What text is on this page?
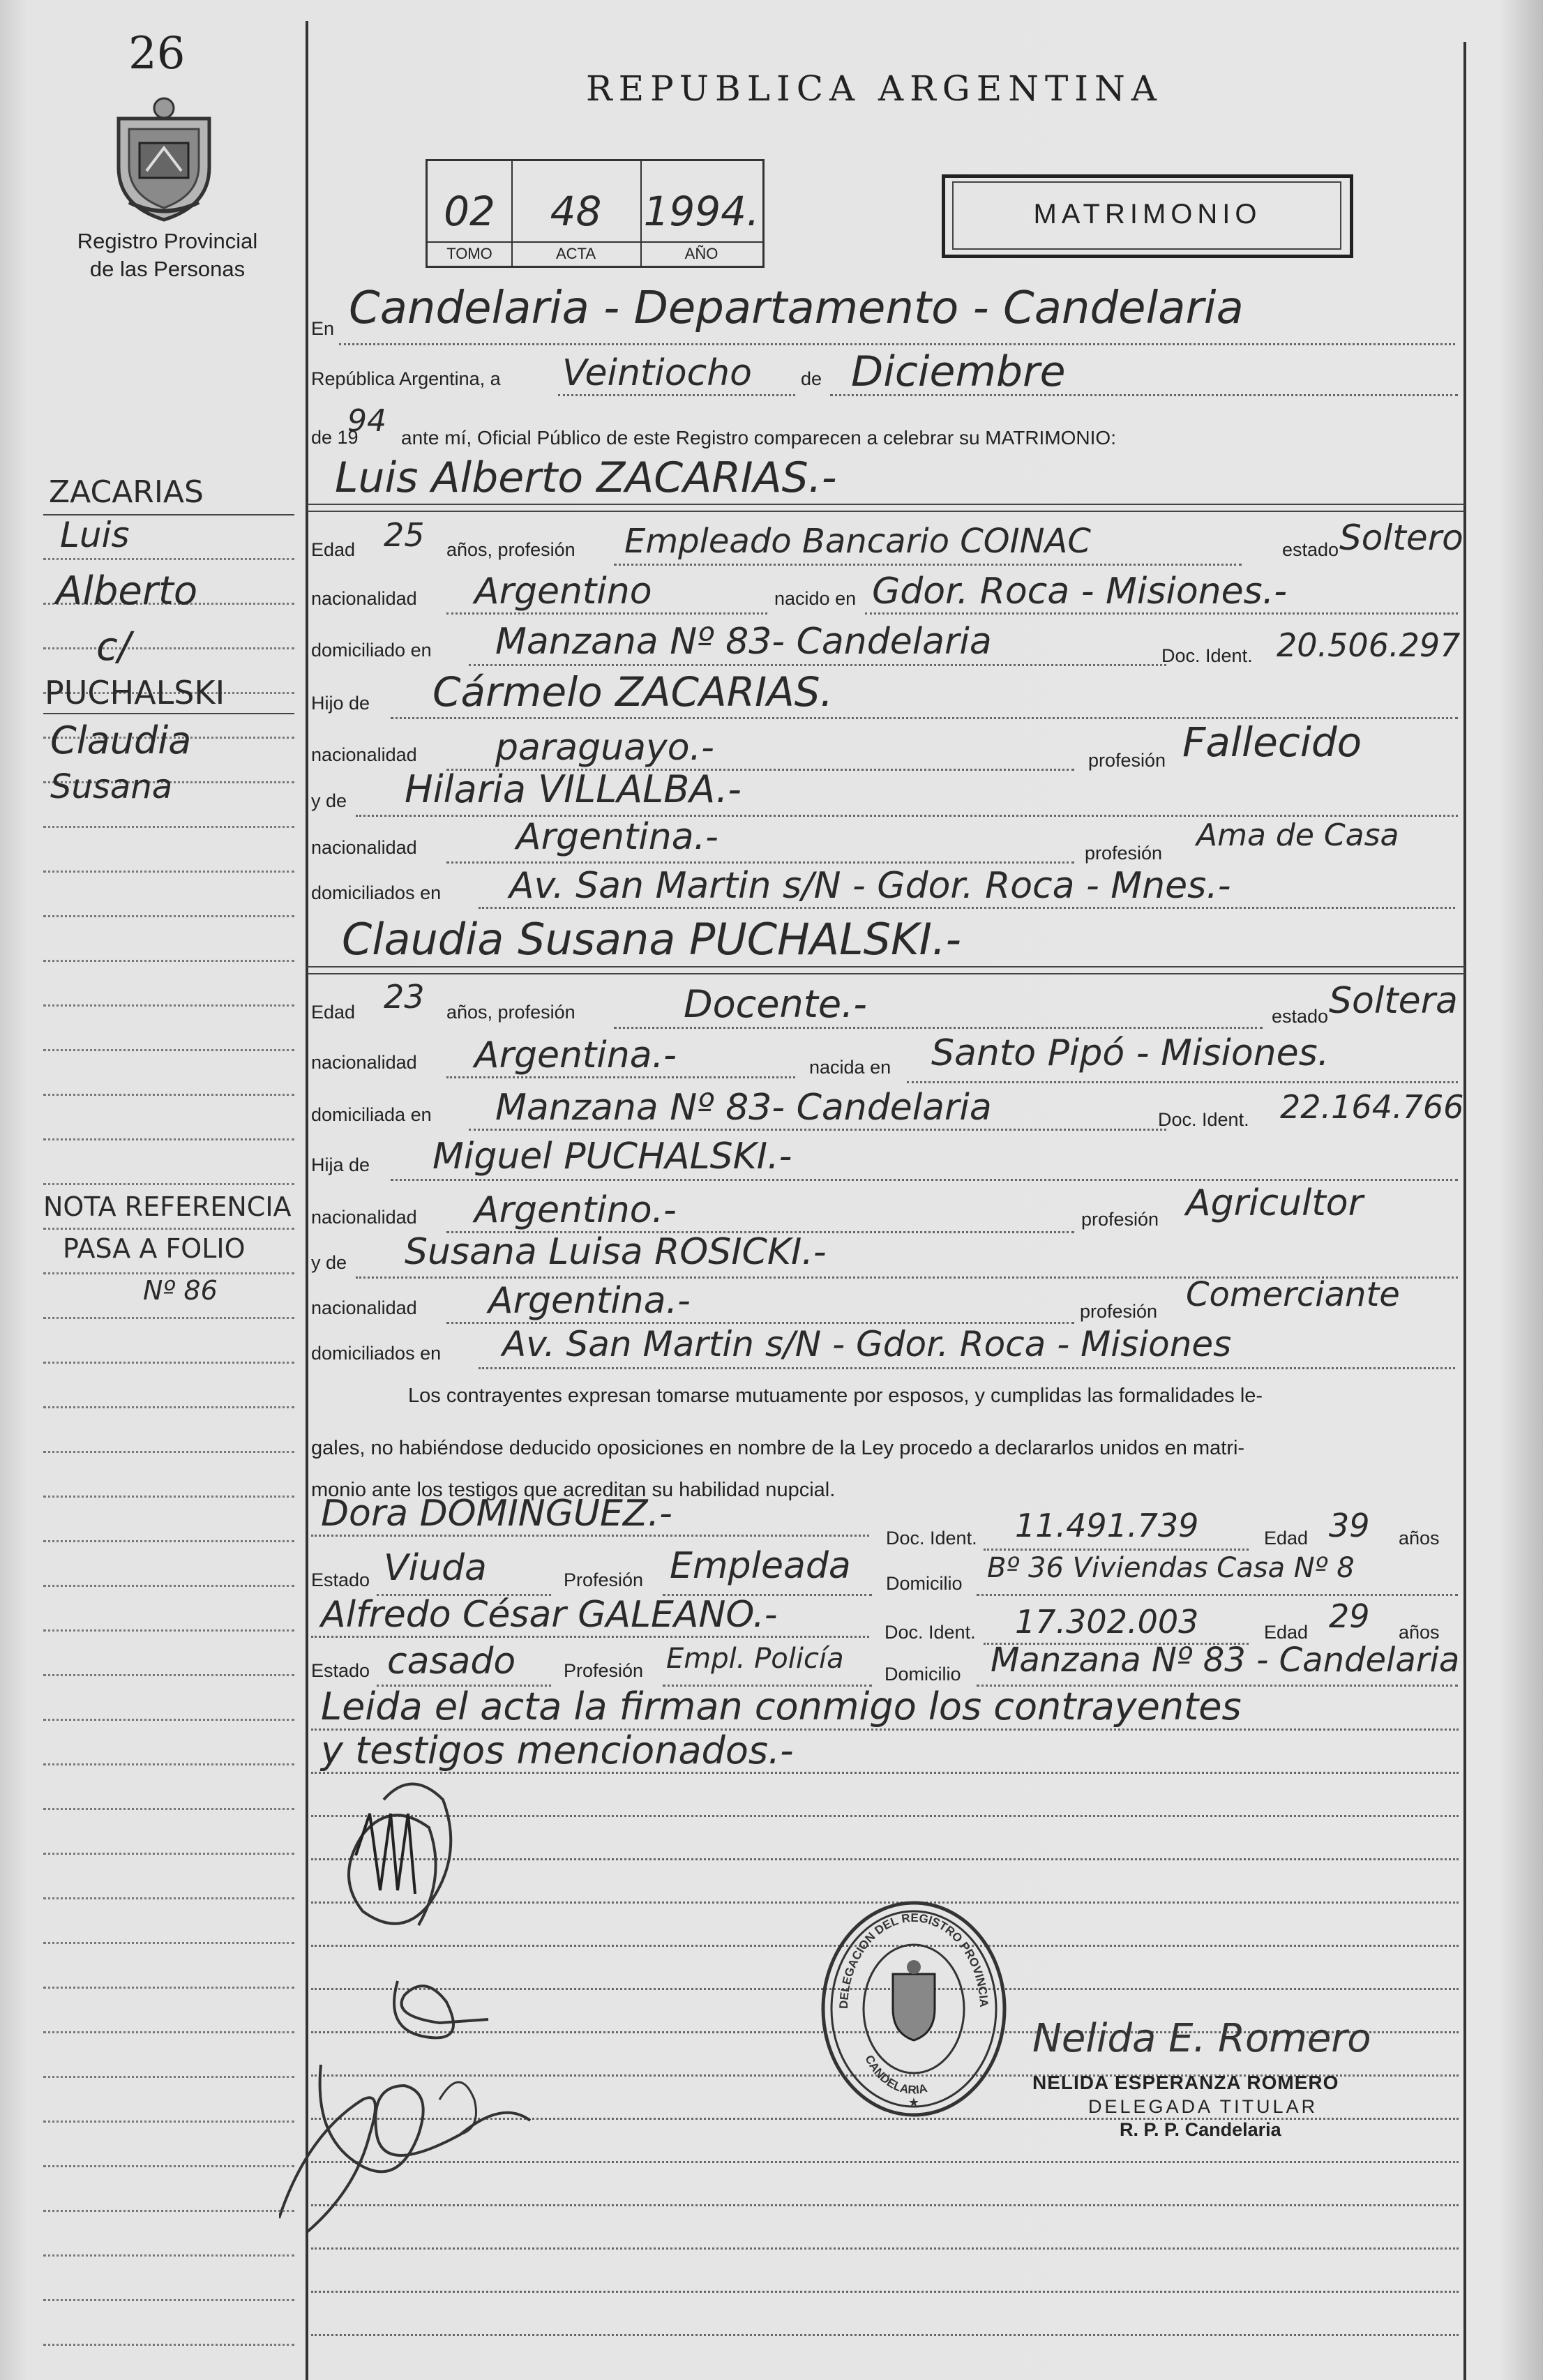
26
Registro Provincial
de las Personas
REPUBLICA ARGENTINA
02	48	1994.
TOMO	ACTA	AÑO
MATRIMONIO
En Candelaria - Departamento - Candelaria
República Argentina, a Veintiocho	de Diciembre
de 19
94 ante mí, Oficial Público de este Registro comparecen a celebrar su MATRIMONIO:
Luis Alberto ZACARIAS.-
Edad 25 años, profesión Empleado Bancario COINAC	estado Soltero
nacionalidad Argentino	nacido en Gdor. Roca - Misiones.-
domiciliado en Manzana Nº 83- Candelaria	Doc. Ident. 20.506.297
Hijo de Cármelo ZACARIAS.
nacionalidad paraguayo.-	profesión Fallecido
y de Hilaria VILLALBA.-
nacionalidad	Argentina.-	profesión Ama de Casa
domiciliados en Av. San Martin s/N - Gdor. Roca - Mnes.-
Claudia Susana PUCHALSKI.-
Edad 23 años, profesión	Docente.-	estado Soltera
nacionalidad Argentina.-	nacida en Santo Pipó - Misiones.
domiciliada en Manzana Nº 83- Candelaria	Doc. Ident. 22.164.766
Hija de Miguel PUCHALSKI.-
nacionalidad Argentino.-	profesión Agricultor
y de Susana Luisa ROSICKI.-
nacionalidad Argentina.-	profesión Comerciante
domiciliados en Av. San Martin s/N - Gdor. Roca - Misiones
Los contrayentes expresan tomarse mutuamente por esposos, y cumplidas las formalidades le-
gales, no habiéndose deducido oposiciones en nombre de la Ley procedo a declararlos unidos en matri-
monio ante los testigos que acreditan su habilidad nupcial.
Dora DOMINGUEZ.-
Doc. Ident. 11.491.739	Edad 39 años
Estado Viuda	Profesión Empleada Domicilio Bº 36 Viviendas Casa Nº 8
Alfredo César GALEANO.-	Doc. Ident. 17.302.003	Edad 29 años
Estado casado	Profesión Empl. Policía Domicilio Manzana Nº 83 - Candelaria
Leida el acta la firman conmigo los contrayentes
y testigos mencionados.-
DELEGACION DEL REGISTRO PROVINCIA
CANDELARIA
★
Nelida E. Romero
NELIDA ESPERANZA ROMERO
DELEGADA TITULAR
R. P. P. Candelaria
ZACARIAS
Luis
Alberto
c/
PUCHALSKI
Claudia
Susana
NOTA REFERENCIA
PASA A FOLIO
Nº 86
